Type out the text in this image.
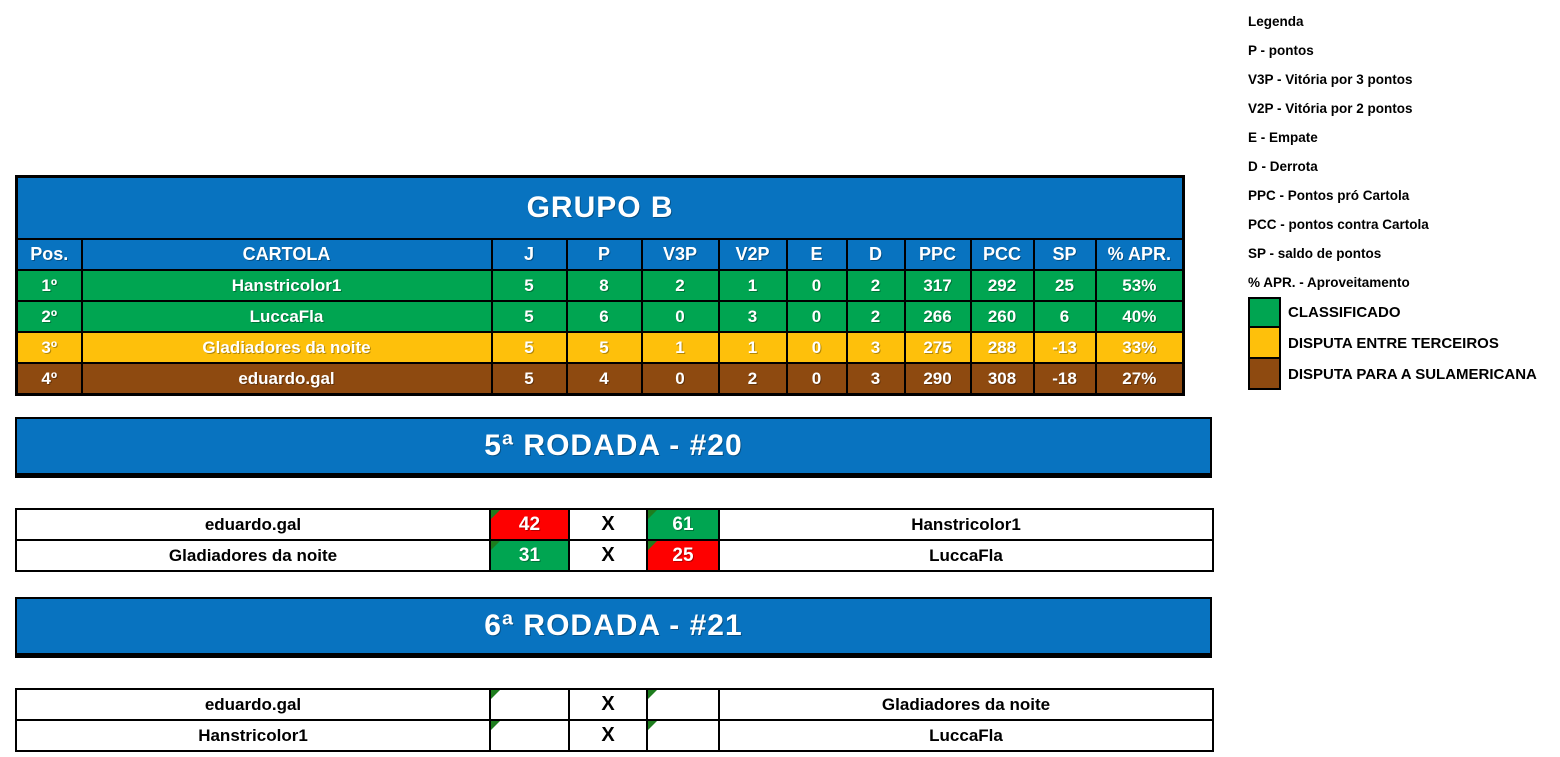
GRUPO B											
Pos.	CARTOLA	J	P	V3P	V2P	E	D	PPC	PCC	SP	% APR.
1º	Hanstricolor1	5	8	2	1	0	2	317	292	25	53%
2º	LuccaFla	5	6	0	3	0	2	266	260	6	40%
3º	Gladiadores da noite	5	5	1	1	0	3	275	288	-13	33%
4º	eduardo.gal	5	4	0	2	0	3	290	308	-18	27%
5ª RODADA - #20
eduardo.gal	42	X	61	Hanstricolor1
Gladiadores da noite	31	X	25	LuccaFla
6ª RODADA - #21
eduardo.gal		X		Gladiadores da noite
Hanstricolor1		X		LuccaFla
Legenda
P - pontos
V3P - Vitória por 3 pontos
V2P - Vitória por 2 pontos
E - Empate
D - Derrota
PPC - Pontos pró Cartola
PCC - pontos contra Cartola
SP - saldo de pontos
% APR. - Aproveitamento
CLASSIFICADO
DISPUTA ENTRE TERCEIROS
DISPUTA PARA A SULAMERICANA
